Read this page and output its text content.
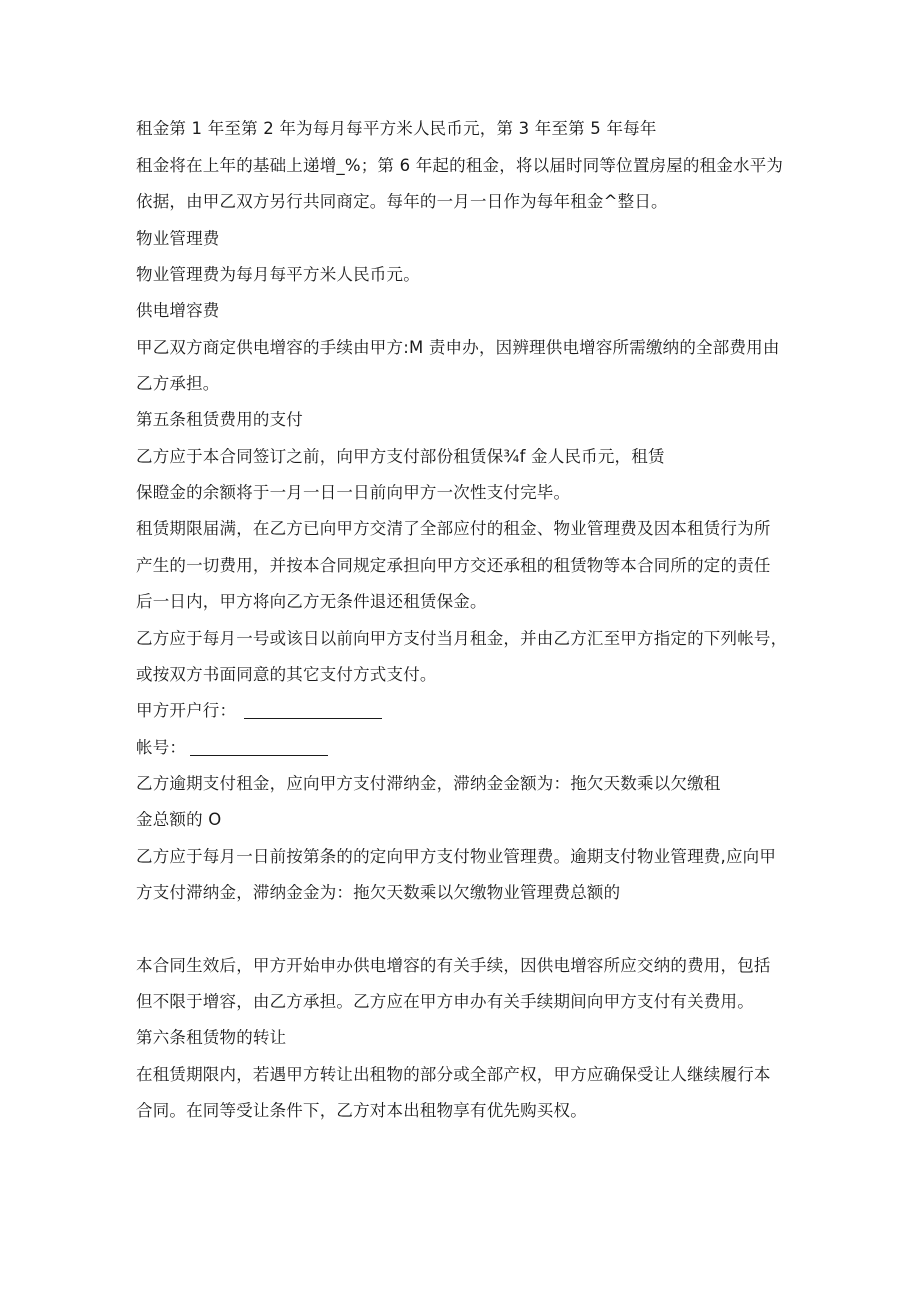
租金第 1 年至第 2 年为每月每平方米人民币元，第 3 年至第 5 年每年
租金将在上年的基础上递增_%；第 6 年起的租金，将以届时同等位置房屋的租金水平为
依据，由甲乙双方另行共同商定。每年的一月一日作为每年租金^整日。
物业管理费
物业管理费为每月每平方米人民币元。
供电增容费
甲乙双方商定供电增容的手续由甲方:M 责申办，因辨理供电增容所需缴纳的全部费用由
乙方承担。
第五条租赁费用的支付
乙方应于本合同签订之前，向甲方支付部份租赁保¾f 金人民币元，租赁
保瞪金的余额将于一月一日一日前向甲方一次性支付完毕。
租赁期限届满，在乙方已向甲方交清了全部应付的租金、物业管理费及因本租赁行为所
产生的一切费用，并按本合同规定承担向甲方交还承租的租赁物等本合同所的定的责任
后一日内，甲方将向乙方无条件退还租赁保金。
乙方应于每月一号或该日以前向甲方支付当月租金，并由乙方汇至甲方指定的下列帐号，
或按双方书面同意的其它支付方式支付。
甲方开户行：
帐号：
乙方逾期支付租金，应向甲方支付滞纳金，滞纳金金额为：拖欠天数乘以欠缴租
金总额的 O
乙方应于每月一日前按第条的的定向甲方支付物业管理费。逾期支付物业管理费,应向甲
方支付滞纳金，滞纳金金为：拖欠天数乘以欠缴物业管理费总额的
本合同生效后，甲方开始申办供电增容的有关手续，因供电增容所应交纳的费用，包括
但不限于增容，由乙方承担。乙方应在甲方申办有关手续期间向甲方支付有关费用。
第六条租赁物的转让
在租赁期限内，若遇甲方转让出租物的部分或全部产权，甲方应确保受让人继续履行本
合同。在同等受让条件下，乙方对本出租物享有优先购买权。
